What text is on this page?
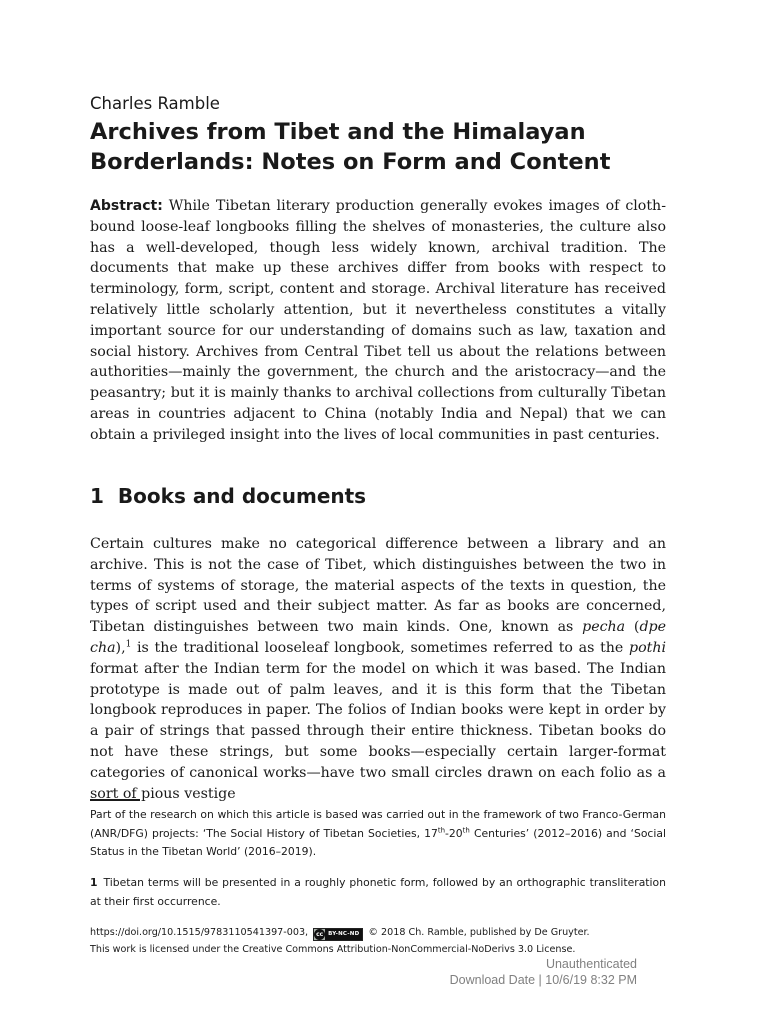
Charles Ramble
Archives from Tibet and the Himalayan
Borderlands: Notes on Form and Content

Abstract: While Tibetan literary production generally evokes images of cloth-bound loose-leaf longbooks filling the shelves of monasteries, the culture also has a well-developed, though less widely known, archival tradition. The documents that make up these archives differ from books with respect to terminology, form, script, content and storage. Archival literature has received relatively little scholarly attention, but it nevertheless constitutes a vitally important source for our understanding of domains such as law, taxation and social history. Archives from Central Tibet tell us about the relations between authorities—mainly the government, the church and the aristocracy—and the peasantry; but it is mainly thanks to archival collections from culturally Tibetan areas in countries adjacent to China (notably India and Nepal) that we can obtain a privileged insight into the lives of local communities in past centuries.

1 Books and documents

Certain cultures make no categorical difference between a library and an archive. This is not the case of Tibet, which distinguishes between the two in terms of systems of storage, the material aspects of the texts in question, the types of script used and their subject matter. As far as books are concerned, Tibetan distinguishes between two main kinds. One, known as pecha (dpe cha),$^1$ is the traditional looseleaf longbook, sometimes referred to as the pothi format after the Indian term for the model on which it was based. The Indian prototype is made out of palm leaves, and it is this form that the Tibetan longbook reproduces in paper. The folios of Indian books were kept in order by a pair of strings that passed through their entire thickness. Tibetan books do not have these strings, but some books—especially certain larger-format categories of canonical works—have two small circles drawn on each folio as a sort of pious vestige

Part of the research on which this article is based was carried out in the framework of two Franco-German (ANR/DFG) projects: ‘The Social History of Tibetan Societies, 17th-20th Centuries’ (2012–2016) and ‘Social Status in the Tibetan World’ (2016–2019).

1 Tibetan terms will be presented in a roughly phonetic form, followed by an orthographic transliteration at their first occurrence.

https://doi.org/10.1515/9783110541397-003,	cc BY-NC-ND © 2018 Ch. Ramble, published by De Gruyter.
This work is licensed under the Creative Commons Attribution-NonCommercial-NoDerivs 3.0 License.

Unauthenticated
Download Date | 10/6/19 8:32 PM
